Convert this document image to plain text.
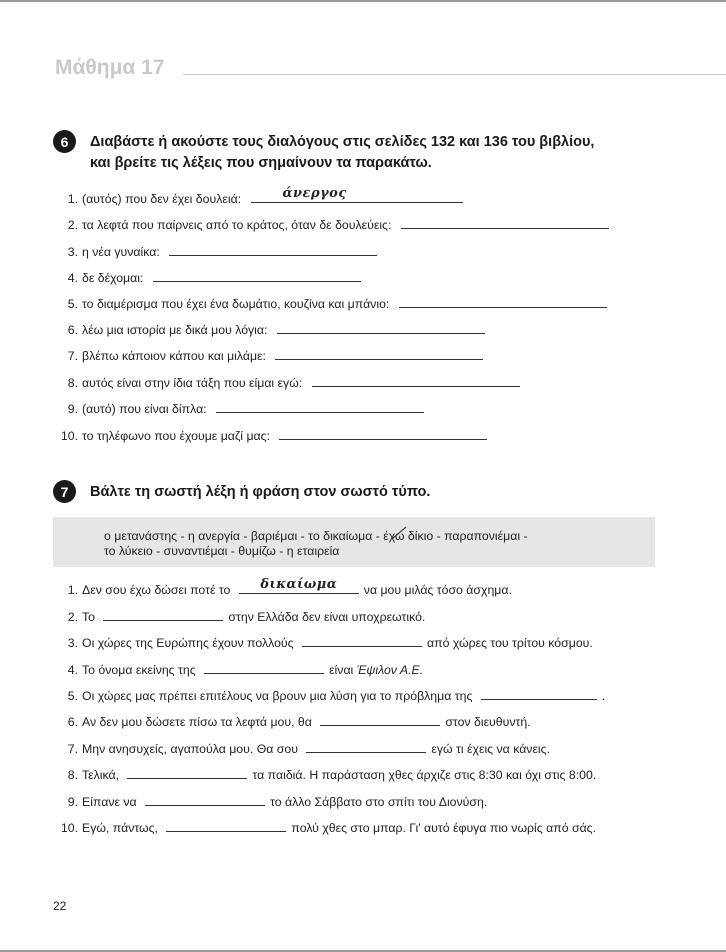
Μάθημα 17
6	Διαβάστε ή ακούστε τους διαλόγους στις σελίδες 132 και 136 του βιβλίου,
και βρείτε τις λέξεις που σημαίνουν τα παρακάτω.
1. (αυτός) που δεν έχει δουλειά:	άνεργος
2. τα λεφτά που παίρνεις από το κράτος, όταν δε δουλεύεις:
3. η νέα γυναίκα:
4. δε δέχομαι:
5. το διαμέρισμα που έχει ένα δωμάτιο, κουζίνα και μπάνιο:
6. λέω μια ιστορία με δικά μου λόγια:
7. βλέπω κάποιον κάπου και μιλάμε:
8. αυτός είναι στην ίδια τάξη που είμαι εγώ:
9. (αυτό) που είναι δίπλα:
10. το τηλέφωνο που έχουμε μαζί μας:
7	Βάλτε τη σωστή λέξη ή φράση στον σωστό τύπο.
ο μετανάστης - η ανεργία - βαριέμαι - το δικαίωμα - έχω δίκιο - παραπονιέμαι -
το λύκειο - συναντιέμαι - θυμίζω - η εταιρεία
1. Δεν σου έχω δώσει ποτέ το	δικαίωμα	να μου μιλάς τόσο άσχημα.
2. Το	στην Ελλάδα δεν είναι υποχρεωτικό.
3. Οι χώρες της Ευρώπης έχουν πολλούς	από χώρες του τρίτου κόσμου.
4. Το όνομα εκείνης της	είναι Έψιλον Α.Ε.
5. Οι χώρες μας πρέπει επιτέλους να βρουν μια λύση για το πρόβλημα της	.
6. Αν δεν μου δώσετε πίσω τα λεφτά μου, θα	στον διευθυντή.
7. Μην ανησυχείς, αγαπούλα μου. Θα σου	εγώ τι έχεις να κάνεις.
8. Τελικά,	τα παιδιά. Η παράσταση χθες άρχιζε στις 8:30 και όχι στις 8:00.
9. Είπανε να	το άλλο Σάββατο στο σπίτι του Διονύση.
10. Εγώ, πάντως,	πολύ χθες στο μπαρ. Γι' αυτό έφυγα πιο νωρίς από σάς.
22
